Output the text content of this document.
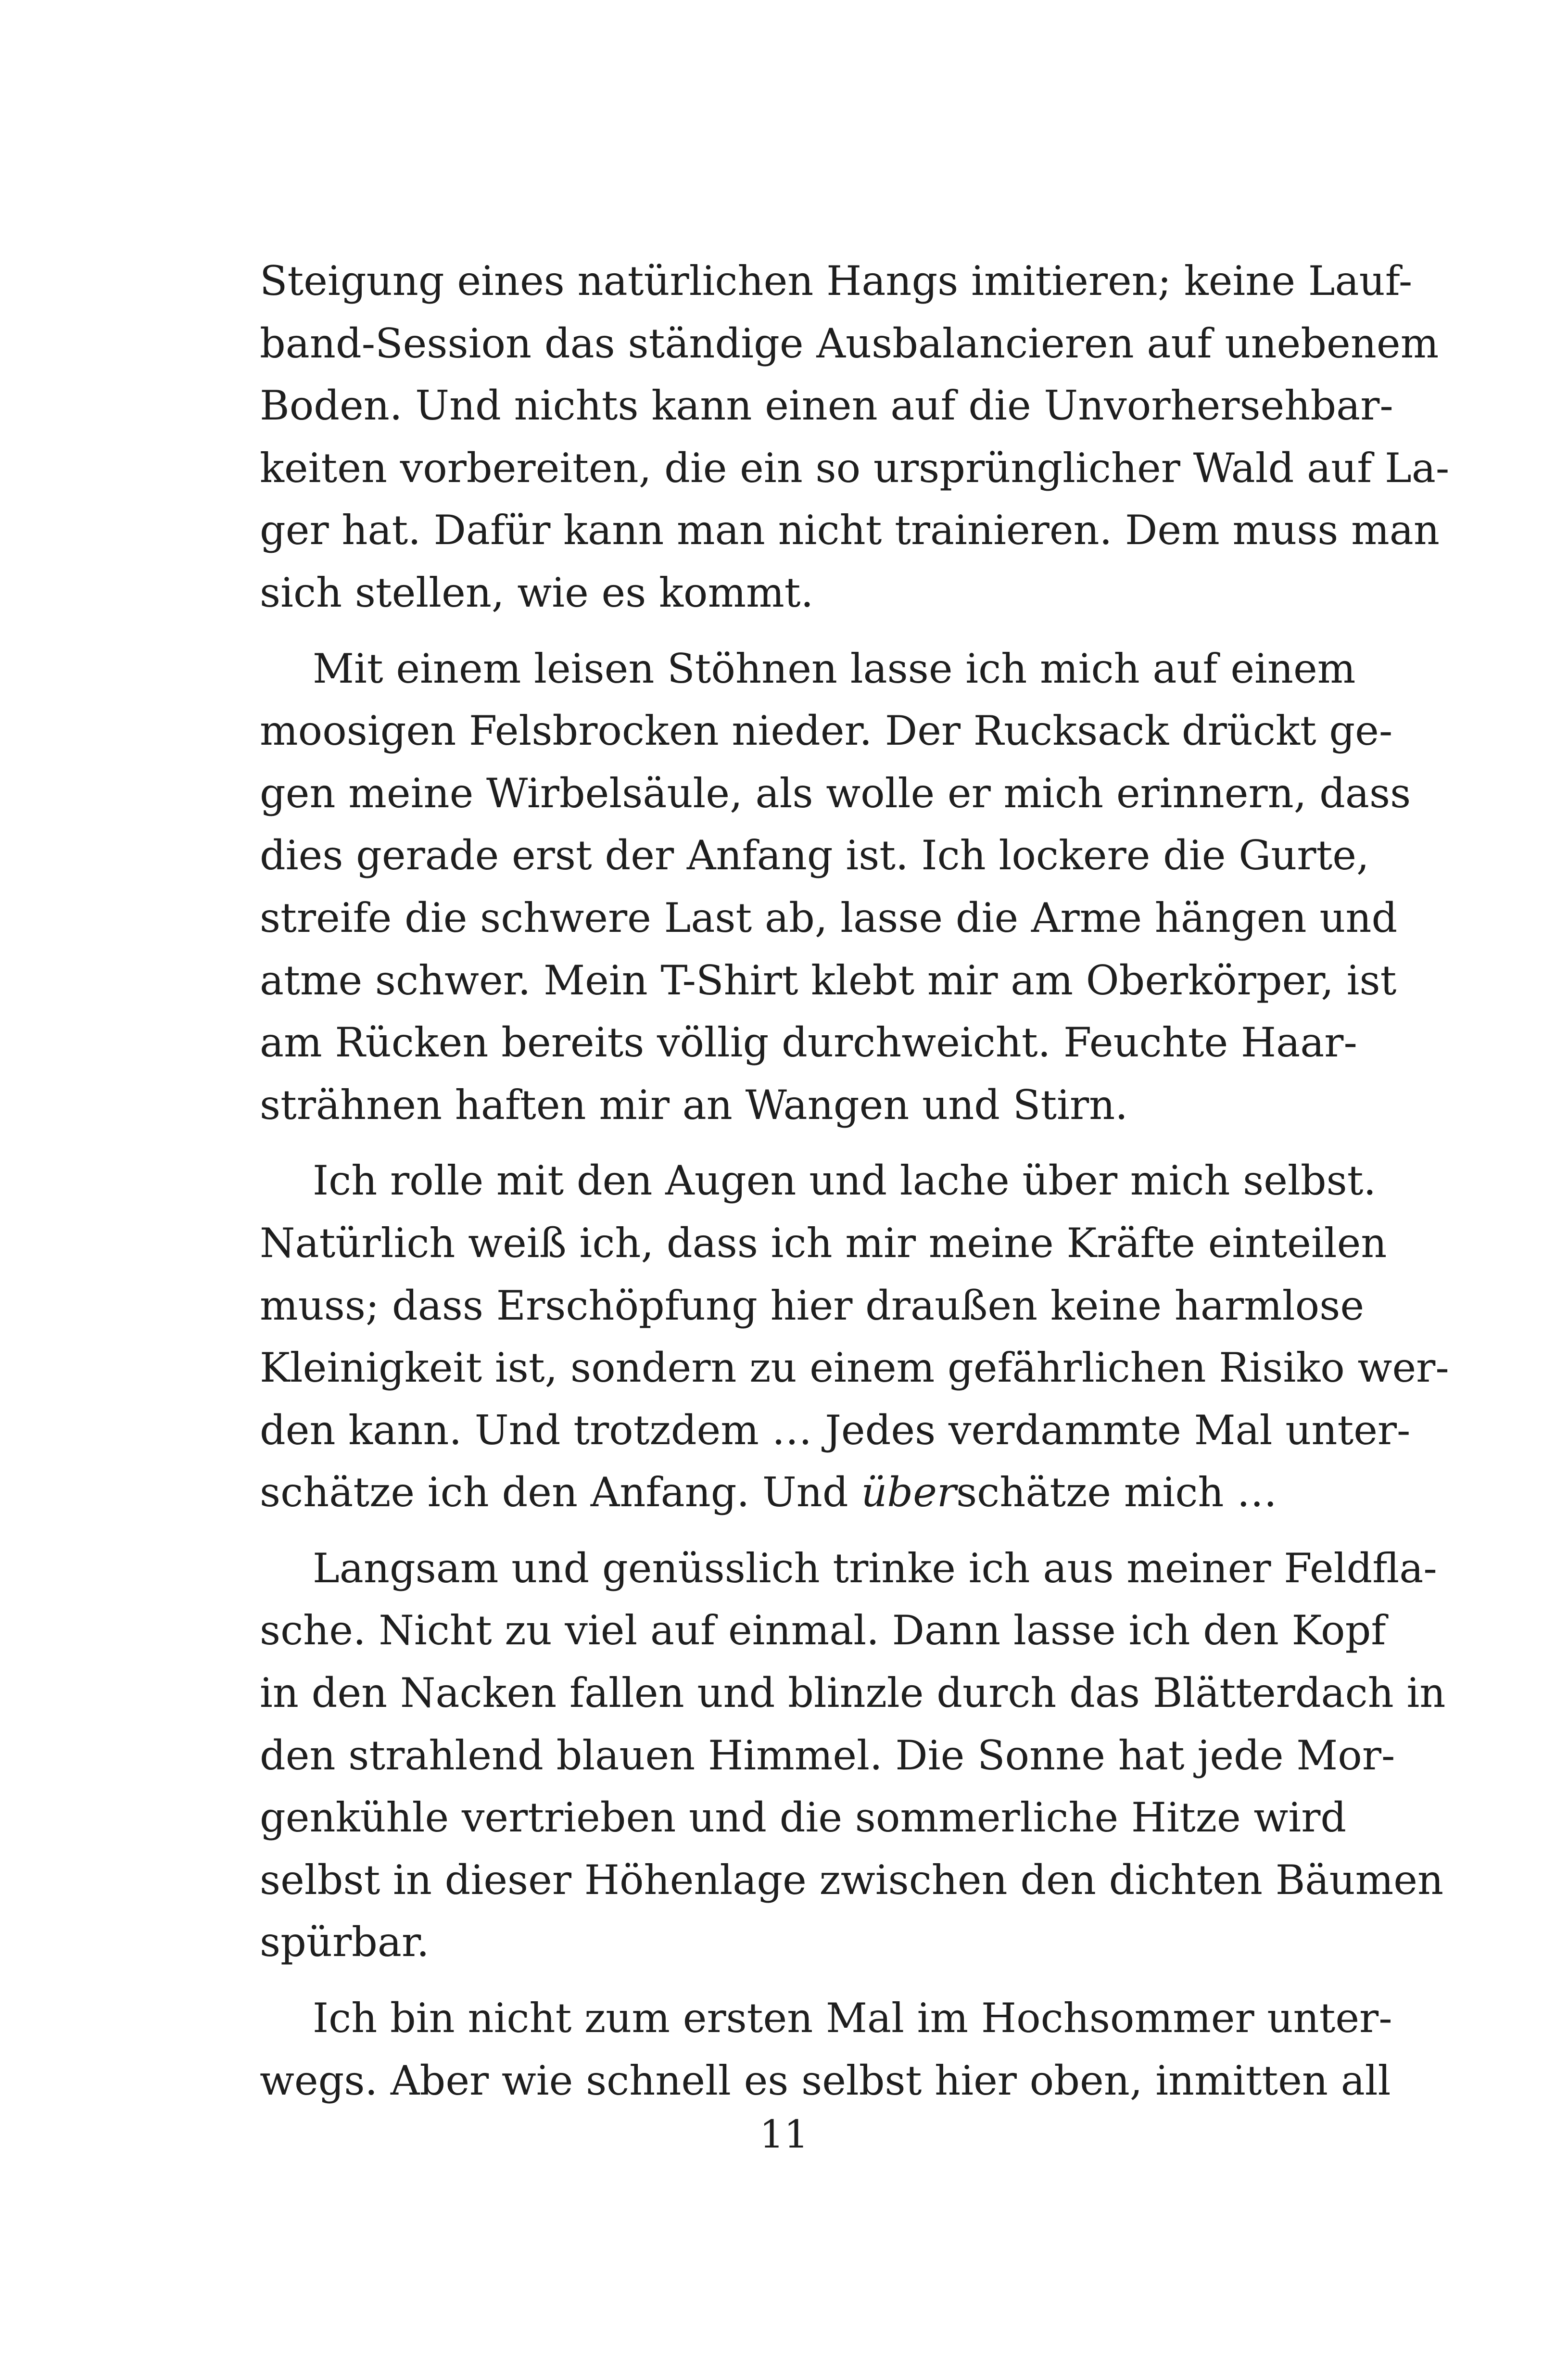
Steigung eines natürlichen Hangs imitieren; keine Lauf-
band-Session das ständige Ausbalancieren auf unebenem
Boden. Und nichts kann einen auf die Unvorhersehbar-
keiten vorbereiten, die ein so ursprünglicher Wald auf La-
ger hat. Dafür kann man nicht trainieren. Dem muss man
sich stellen, wie es kommt.
Mit einem leisen Stöhnen lasse ich mich auf einem
moosigen Felsbrocken nieder. Der Rucksack drückt ge-
gen meine Wirbelsäule, als wolle er mich erinnern, dass
dies gerade erst der Anfang ist. Ich lockere die Gurte,
streife die schwere Last ab, lasse die Arme hängen und
atme schwer. Mein T-Shirt klebt mir am Oberkörper, ist
am Rücken bereits völlig durchweicht. Feuchte Haar-
strähnen haften mir an Wangen und Stirn.
Ich rolle mit den Augen und lache über mich selbst.
Natürlich weiß ich, dass ich mir meine Kräfte einteilen
muss; dass Erschöpfung hier draußen keine harmlose
Kleinigkeit ist, sondern zu einem gefährlichen Risiko wer-
den kann. Und trotzdem … Jedes verdammte Mal unter-
schätze ich den Anfang. Und überschätze mich …
Langsam und genüsslich trinke ich aus meiner Feldfla-
sche. Nicht zu viel auf einmal. Dann lasse ich den Kopf
in den Nacken fallen und blinzle durch das Blätterdach in
den strahlend blauen Himmel. Die Sonne hat jede Mor-
genkühle vertrieben und die sommerliche Hitze wird
selbst in dieser Höhenlage zwischen den dichten Bäumen
spürbar.
Ich bin nicht zum ersten Mal im Hochsommer unter-
wegs. Aber wie schnell es selbst hier oben, inmitten all
11
